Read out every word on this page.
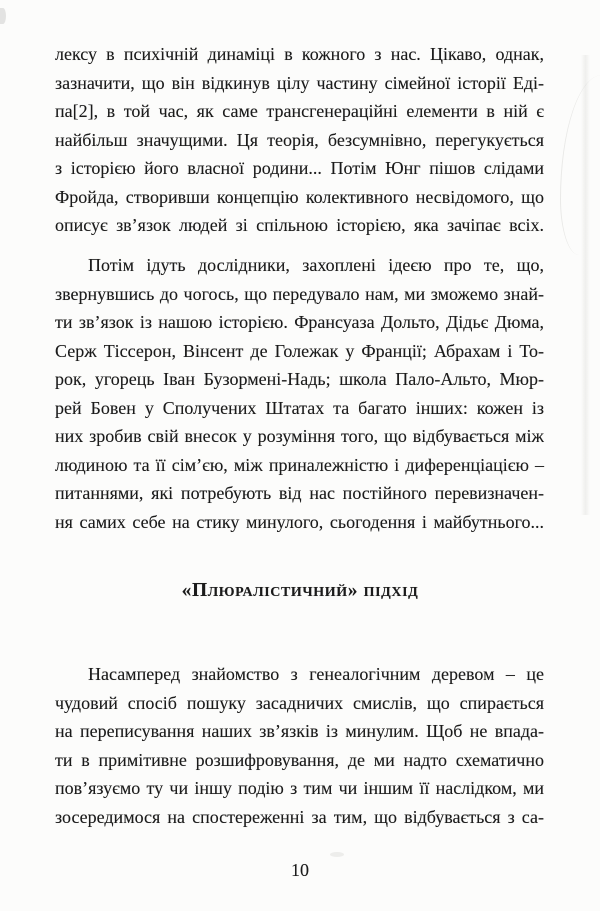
лексу в психічній динаміці в кожного з нас. Цікаво, однак,
зазначити, що він відкинув цілу частину сімейної історії Еді-
па[2], в той час, як саме трансгенераційні елементи в ній є
найбільш значущими. Ця теорія, безсумнівно, перегукується
з історією його власної родини... Потім Юнг пішов слідами
Фройда, створивши концепцію колективного несвідомого, що
описує зв’язок людей зі спільною історією, яка зачіпає всіх.
Потім ідуть дослідники, захоплені ідеєю про те, що,
звернувшись до чогось, що передувало нам, ми зможемо знай-
ти зв’язок із нашою історією. Франсуаза Дольто, Дідьє Дюма,
Серж Тіссерон, Вінсент де Голежак у Франції; Абрахам і То-
рок, угорець Іван Бузормені-Надь; школа Пало-Альто, Мюр-
рей Бовен у Сполучених Штатах та багато інших: кожен із
них зробив свій внесок у розуміння того, що відбувається між
людиною та її сім’єю, між приналежністю і диференціацією –
питаннями, які потребують від нас постійного перевизначен-
ня самих себе на стику минулого, сьогодення і майбутнього...
«Плюралістичний» підхід
Насамперед знайомство з генеалогічним деревом – це
чудовий спосіб пошуку засадничих смислів, що спирається
на переписування наших зв’язків із минулим. Щоб не впада-
ти в примітивне розшифровування, де ми надто схематично
пов’язуємо ту чи іншу подію з тим чи іншим її наслідком, ми
зосередимося на спостереженні за тим, що відбувається з са-
10
